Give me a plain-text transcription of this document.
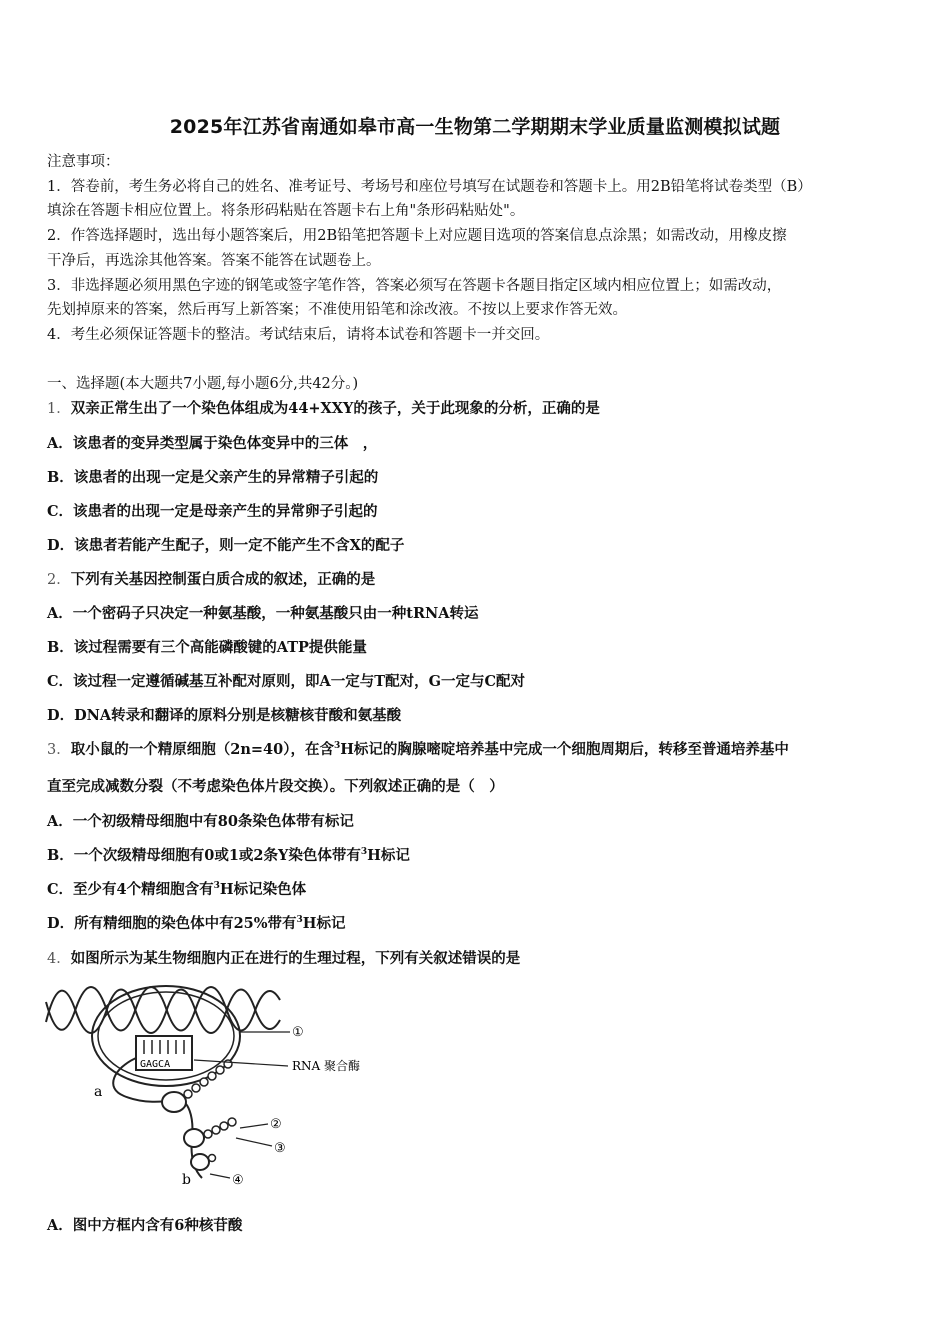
2025年江苏省南通如皋市高一生物第二学期期末学业质量监测模拟试题
注意事项：
1．答卷前，考生务必将自己的姓名、准考证号、考场号和座位号填写在试题卷和答题卡上。用2B铅笔将试卷类型（B）
填涂在答题卡相应位置上。将条形码粘贴在答题卡右上角"条形码粘贴处"。
2．作答选择题时，选出每小题答案后，用2B铅笔把答题卡上对应题目选项的答案信息点涂黑；如需改动，用橡皮擦
干净后，再选涂其他答案。答案不能答在试题卷上。
3．非选择题必须用黑色字迹的钢笔或签字笔作答，答案必须写在答题卡各题目指定区域内相应位置上；如需改动，
先划掉原来的答案，然后再写上新答案；不准使用铅笔和涂改液。不按以上要求作答无效。
4．考生必须保证答题卡的整洁。考试结束后，请将本试卷和答题卡一并交回。
一、选择题(本大题共7小题,每小题6分,共42分。)
1．双亲正常生出了一个染色体组成为44+XXY的孩子，关于此现象的分析，正确的是
A．该患者的变异类型属于染色体变异中的三体　，
B．该患者的出现一定是父亲产生的异常精子引起的
C．该患者的出现一定是母亲产生的异常卵子引起的
D．该患者若能产生配子，则一定不能产生不含X的配子
2．下列有关基因控制蛋白质合成的叙述，正确的是
A．一个密码子只决定一种氨基酸，一种氨基酸只由一种tRNA转运
B．该过程需要有三个高能磷酸键的ATP提供能量
C．该过程一定遵循碱基互补配对原则，即A一定与T配对，G一定与C配对
D．DNA转录和翻译的原料分别是核糖核苷酸和氨基酸
3．取小鼠的一个精原细胞（2n=40），在含$^3$H标记的胸腺嘧啶培养基中完成一个细胞周期后，转移至普通培养基中
直至完成减数分裂（不考虑染色体片段交换）。下列叙述正确的是（　）
A．一个初级精母细胞中有80条染色体带有标记
B．一个次级精母细胞有0或1或2条Y染色体带有$^3$H标记
C．至少有4个精细胞含有$^3$H标记染色体
D．所有精细胞的染色体中有25%带有$^3$H标记
4．如图所示为某生物细胞内正在进行的生理过程，下列有关叙述错误的是
GAGCA
①
RNA 聚合酶
②
③
④
a
b
A．图中方框内含有6种核苷酸
